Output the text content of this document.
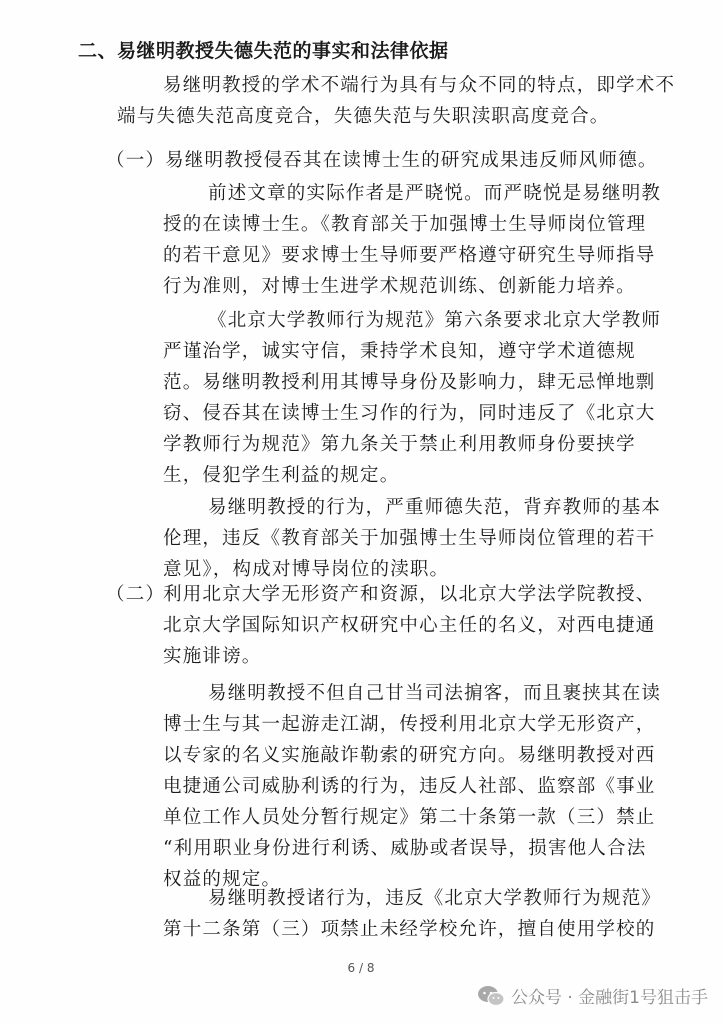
二、易继明教授失德失范的事实和法律依据
易继明教授的学术不端行为具有与众不同的特点，即学术不
端与失德失范高度竞合，失德失范与失职渎职高度竞合。
（一）易继明教授侵吞其在读博士生的研究成果违反师风师德。
前述文章的实际作者是严晓悦。而严晓悦是易继明教
授的在读博士生。《教育部关于加强博士生导师岗位管理
的若干意见》要求博士生导师要严格遵守研究生导师指导
行为准则，对博士生进学术规范训练、创新能力培养。
《北京大学教师行为规范》第六条要求北京大学教师
严谨治学，诚实守信，秉持学术良知，遵守学术道德规
范。易继明教授利用其博导身份及影响力，肆无忌惮地剽
窃、侵吞其在读博士生习作的行为，同时违反了《北京大
学教师行为规范》第九条关于禁止利用教师身份要挟学
生，侵犯学生利益的规定。
易继明教授的行为，严重师德失范，背弃教师的基本
伦理，违反《教育部关于加强博士生导师岗位管理的若干
意见》，构成对博导岗位的渎职。
（二）
利用北京大学无形资产和资源，以北京大学法学院教授、
北京大学国际知识产权研究中心主任的名义，对西电捷通
实施诽谤。
易继明教授不但自己甘当司法掮客，而且裹挟其在读
博士生与其一起游走江湖，传授利用北京大学无形资产，
以专家的名义实施敲诈勒索的研究方向。易继明教授对西
电捷通公司威胁利诱的行为，违反人社部、监察部《事业
单位工作人员处分暂行规定》第二十条第一款（三）禁止
“利用职业身份进行利诱、威胁或者误导，损害他人合法
权益的规定。
易继明教授诸行为，违反《北京大学教师行为规范》
第十二条第（三）项禁止未经学校允许，擅自使用学校的
6 / 8
公众号 · 金融街1号狙击手
